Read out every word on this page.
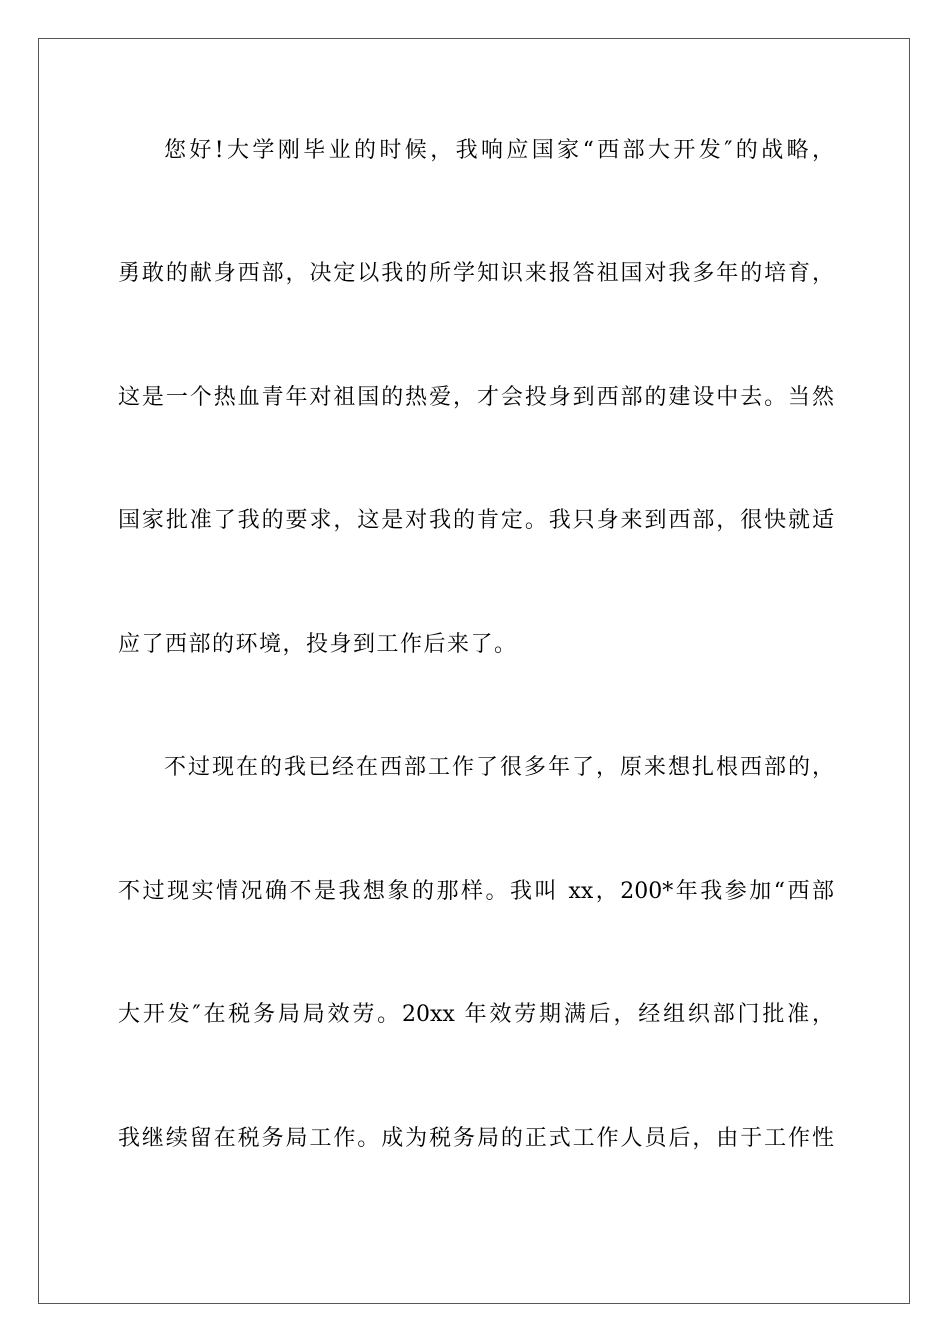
您好!大学刚毕业的时候，我响应国家“西部大开发″的战略，
勇敢的献身西部，决定以我的所学知识来报答祖国对我多年的培育，
这是一个热血青年对祖国的热爱，才会投身到西部的建设中去。当然
国家批准了我的要求，这是对我的肯定。我只身来到西部，很快就适
应了西部的环境，投身到工作后来了。
不过现在的我已经在西部工作了很多年了，原来想扎根西部的，
不过现实情况确不是我想象的那样。我叫 xx，200*年我参加“西部
大开发″在税务局局效劳。20xx 年效劳期满后，经组织部门批准，
我继续留在税务局工作。成为税务局的正式工作人员后，由于工作性
